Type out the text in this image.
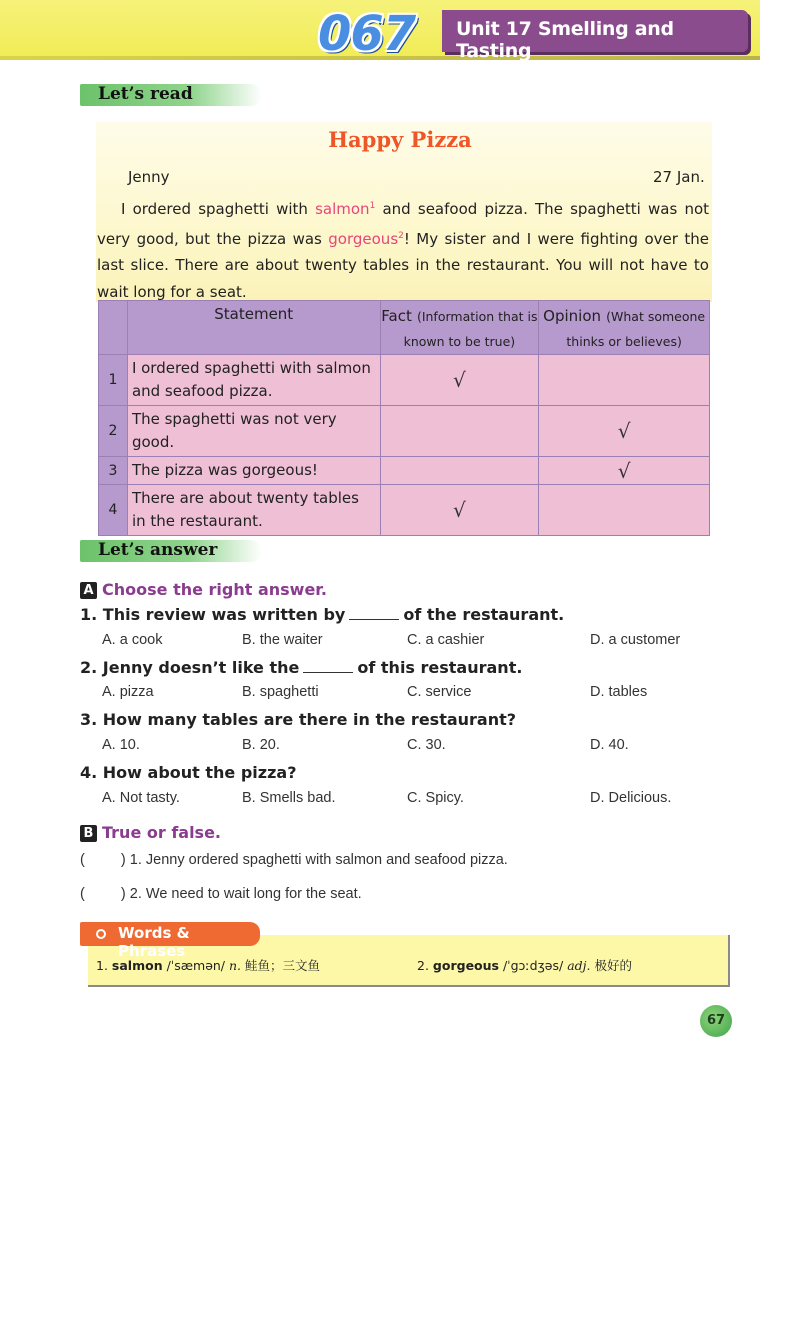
067 Unit 17 Smelling and Tasting
Let’s read
Happy Pizza
Jenny	27 Jan.
I ordered spaghetti with salmon$^1$ and seafood pizza. The spaghetti was not very good, but the pizza was gorgeous$^2$! My sister and I were fighting over the last slice. There are about twenty tables in the restaurant. You will not have to wait long for a seat.
	Statement	Fact (Information that is known to be true)	Opinion (What someone thinks or believes)
1	I ordered spaghetti with salmon and seafood pizza.	√	
2	The spaghetti was not very good.		√
3	The pizza was gorgeous!		√
4	There are about twenty tables in the restaurant.	√	
Let’s answer
A Choose the right answer.
1. This review was written by	of the restaurant.
A. a cook	B. the waiter	C. a cashier	D. a customer
2. Jenny doesn’t like the	of this restaurant.
A. pizza	B. spaghetti	C. service	D. tables
3. How many tables are there in the restaurant?
A. 10.	B. 20.	C. 30.	D. 40.
4. How about the pizza?
A. Not tasty.	B. Smells bad.	C. Spicy.	D. Delicious.
B True or false.
( ) 1. Jenny ordered spaghetti with salmon and seafood pizza.
( ) 2. We need to wait long for the seat.
Words & Phrases
1. salmon /ˈsæmən/ n. 鲑鱼；三文鱼	2. gorgeous /ˈgɔːdʒəs/ adj. 极好的
67
